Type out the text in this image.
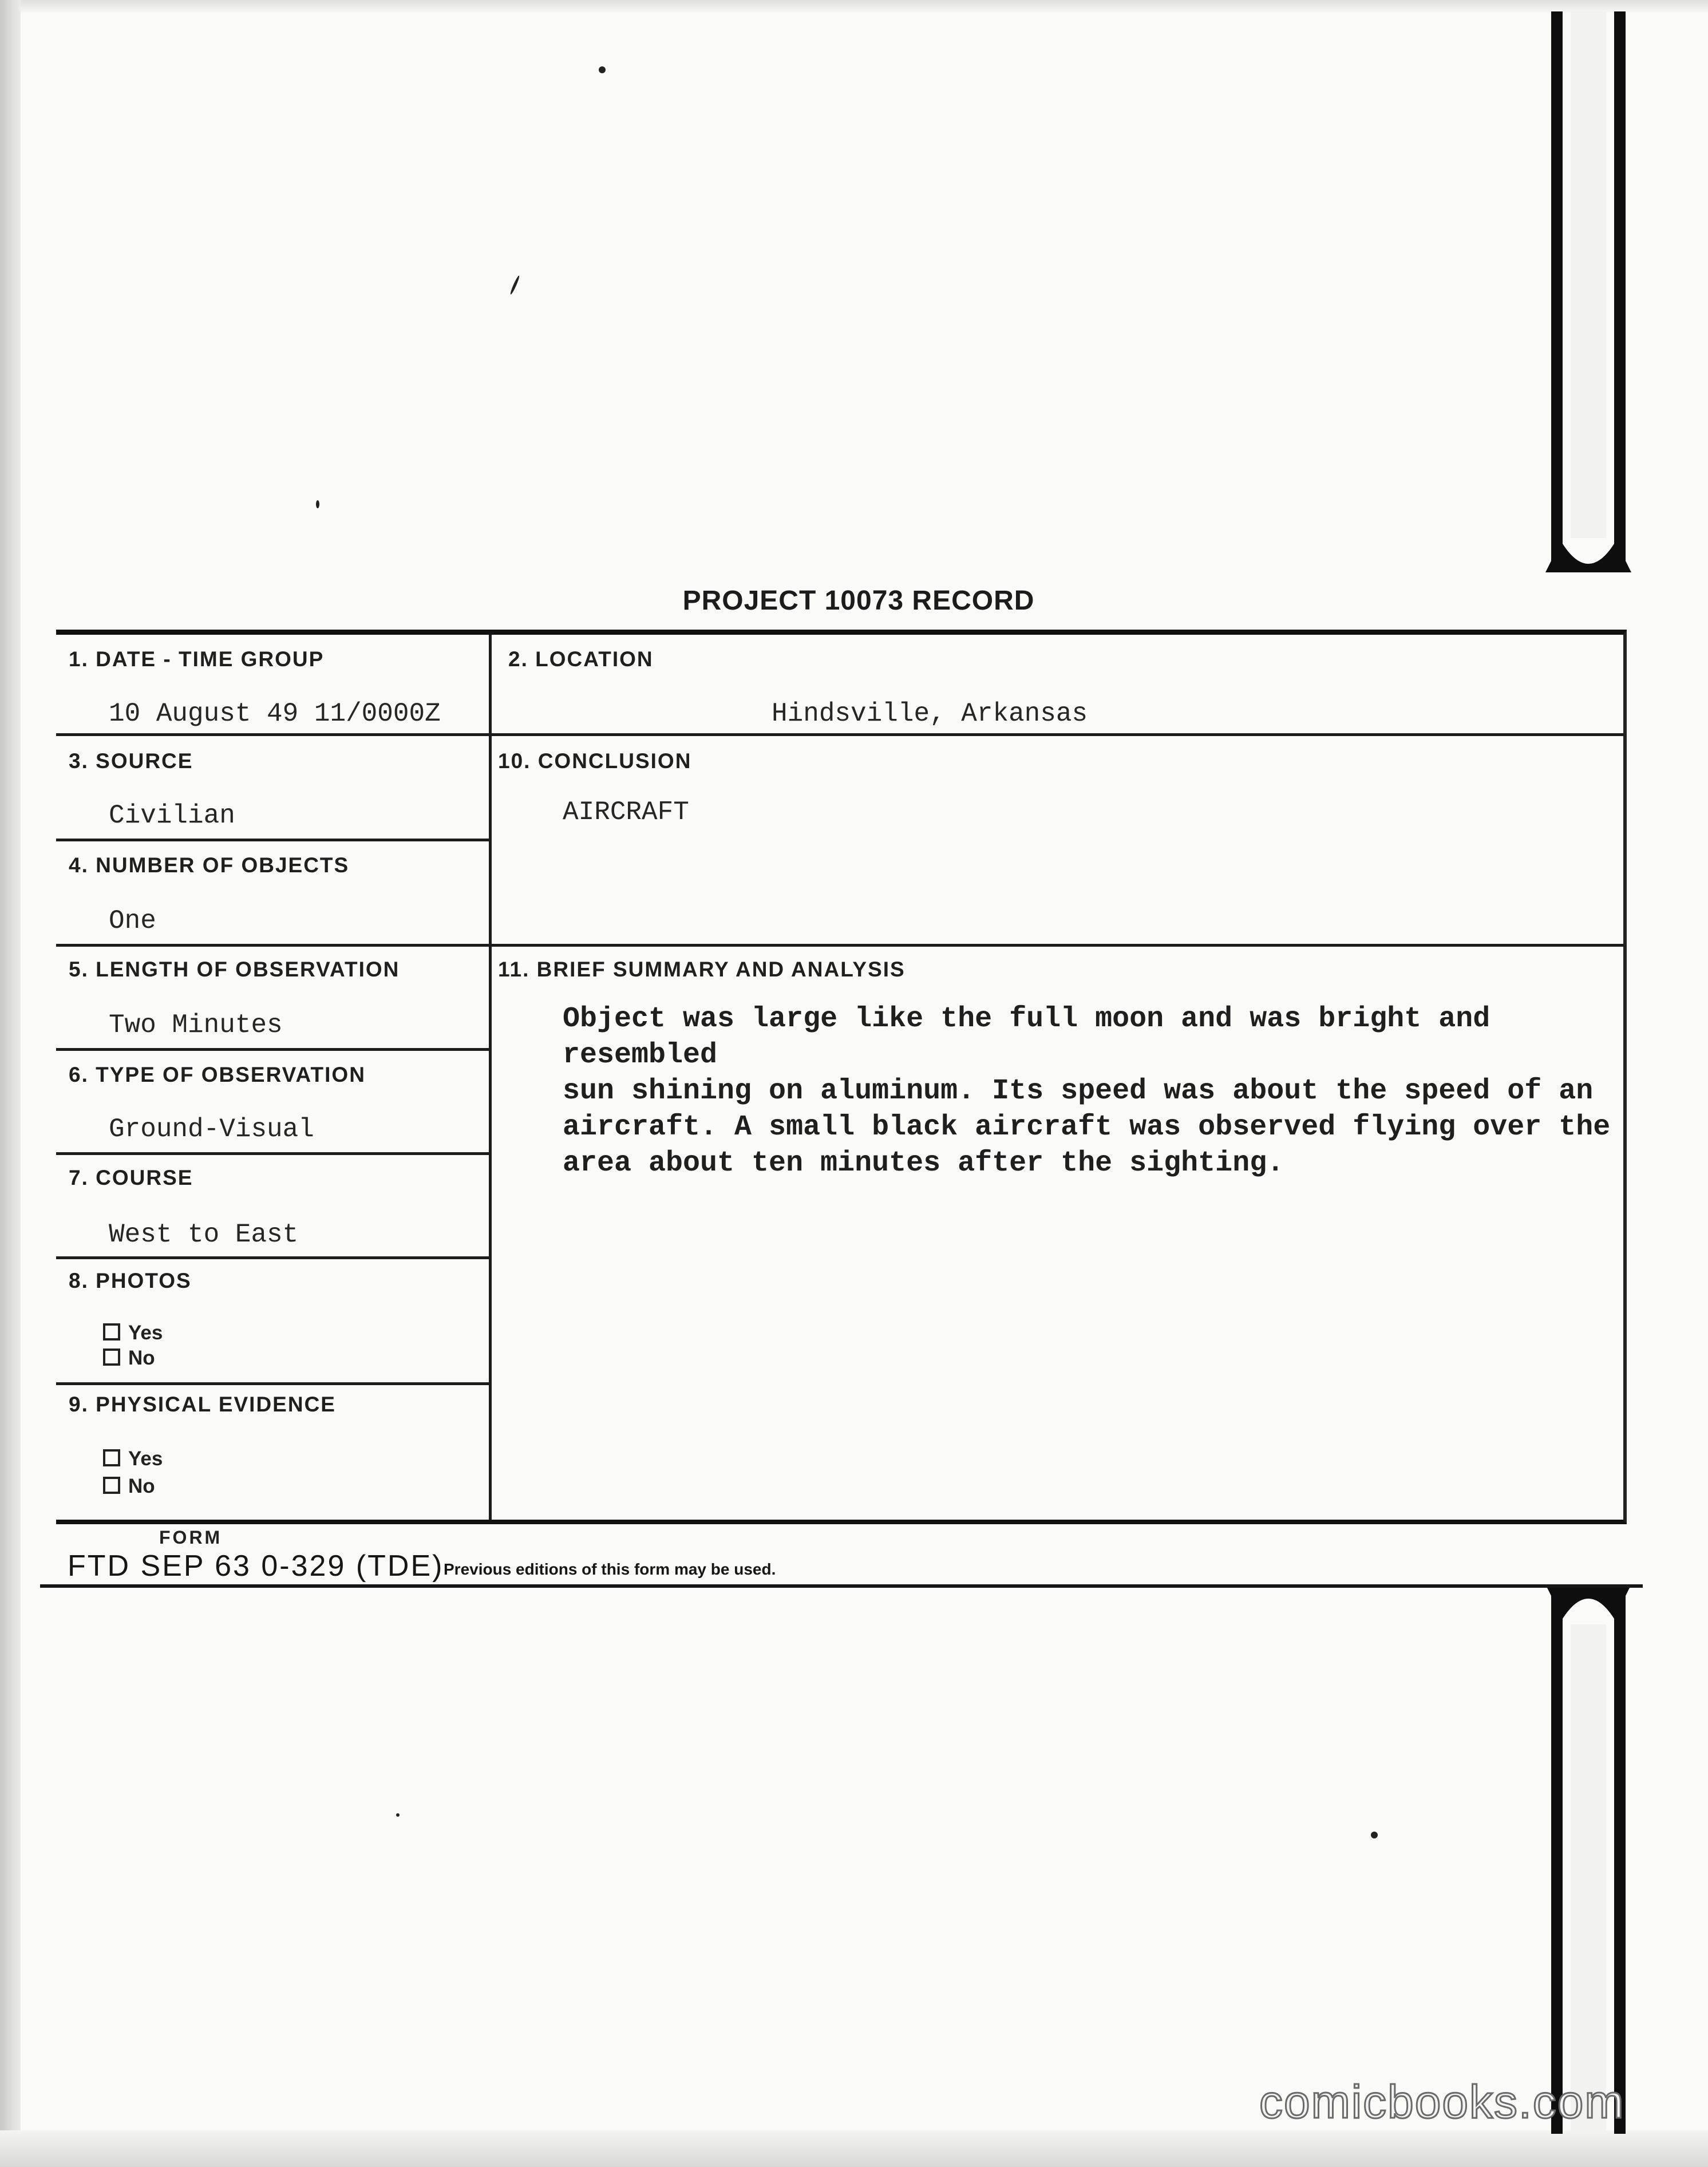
PROJECT 10073 RECORD
1. DATE - TIME GROUP
10 August 49 11/0000Z
2. LOCATION
Hindsville, Arkansas
3. SOURCE
Civilian
10. CONCLUSION
AIRCRAFT
4. NUMBER OF OBJECTS
One
5. LENGTH OF OBSERVATION
Two Minutes
11. BRIEF SUMMARY AND ANALYSIS
Object was large like the full moon and was bright and resembled
sun shining on aluminum. Its speed was about the speed of an
aircraft. A small black aircraft was observed flying over the
area about ten minutes after the sighting.
6. TYPE OF OBSERVATION
Ground-Visual
7. COURSE
West to East
8. PHOTOS
Yes
No
9. PHYSICAL EVIDENCE
Yes
No
FORM
FTD SEP 63 0-329 (TDE) Previous editions of this form may be used.
comicbooks.com
